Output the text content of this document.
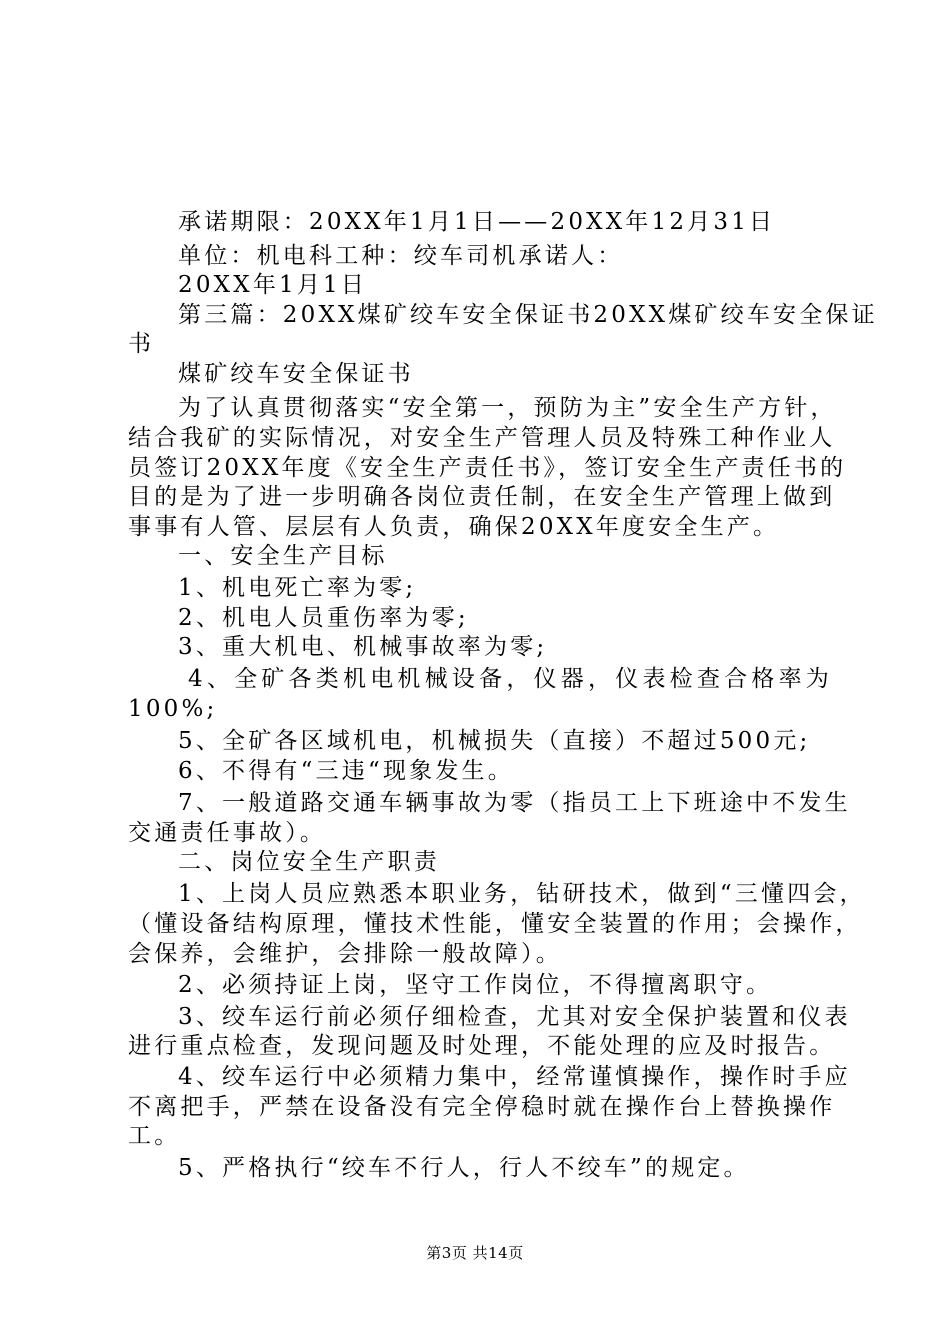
承诺期限：20XX年1月1日——20XX年12月31日
单位：机电科工种：绞车司机承诺人：
20XX年1月1日
第三篇：20XX煤矿绞车安全保证书20XX煤矿绞车安全保证
书
煤矿绞车安全保证书
为了认真贯彻落实“安全第一，预防为主”安全生产方针，
结合我矿的实际情况，对安全生产管理人员及特殊工种作业人
员签订20XX年度《安全生产责任书》，签订安全生产责任书的
目的是为了进一步明确各岗位责任制，在安全生产管理上做到
事事有人管、层层有人负责，确保20XX年度安全生产。
一、安全生产目标
1、机电死亡率为零;
2、机电人员重伤率为零;
3、重大机电、机械事故率为零;
4、全矿各类机电机械设备，仪器，仪表检查合格率为
100%;
5、全矿各区域机电，机械损失（直接）不超过500元;
6、不得有“三违“现象发生。
7、一般道路交通车辆事故为零（指员工上下班途中不发生
交通责任事故）。
二、岗位安全生产职责
1、上岗人员应熟悉本职业务，钻研技术，做到“三懂四会，
（懂设备结构原理，懂技术性能，懂安全装置的作用；会操作，
会保养，会维护，会排除一般故障）。
2、必须持证上岗，坚守工作岗位，不得擅离职守。
3、绞车运行前必须仔细检查，尤其对安全保护装置和仪表
进行重点检查，发现问题及时处理，不能处理的应及时报告。
4、绞车运行中必须精力集中，经常谨慎操作，操作时手应
不离把手，严禁在设备没有完全停稳时就在操作台上替换操作
工。
5、严格执行“绞车不行人，行人不绞车”的规定。
第3页 共14页
